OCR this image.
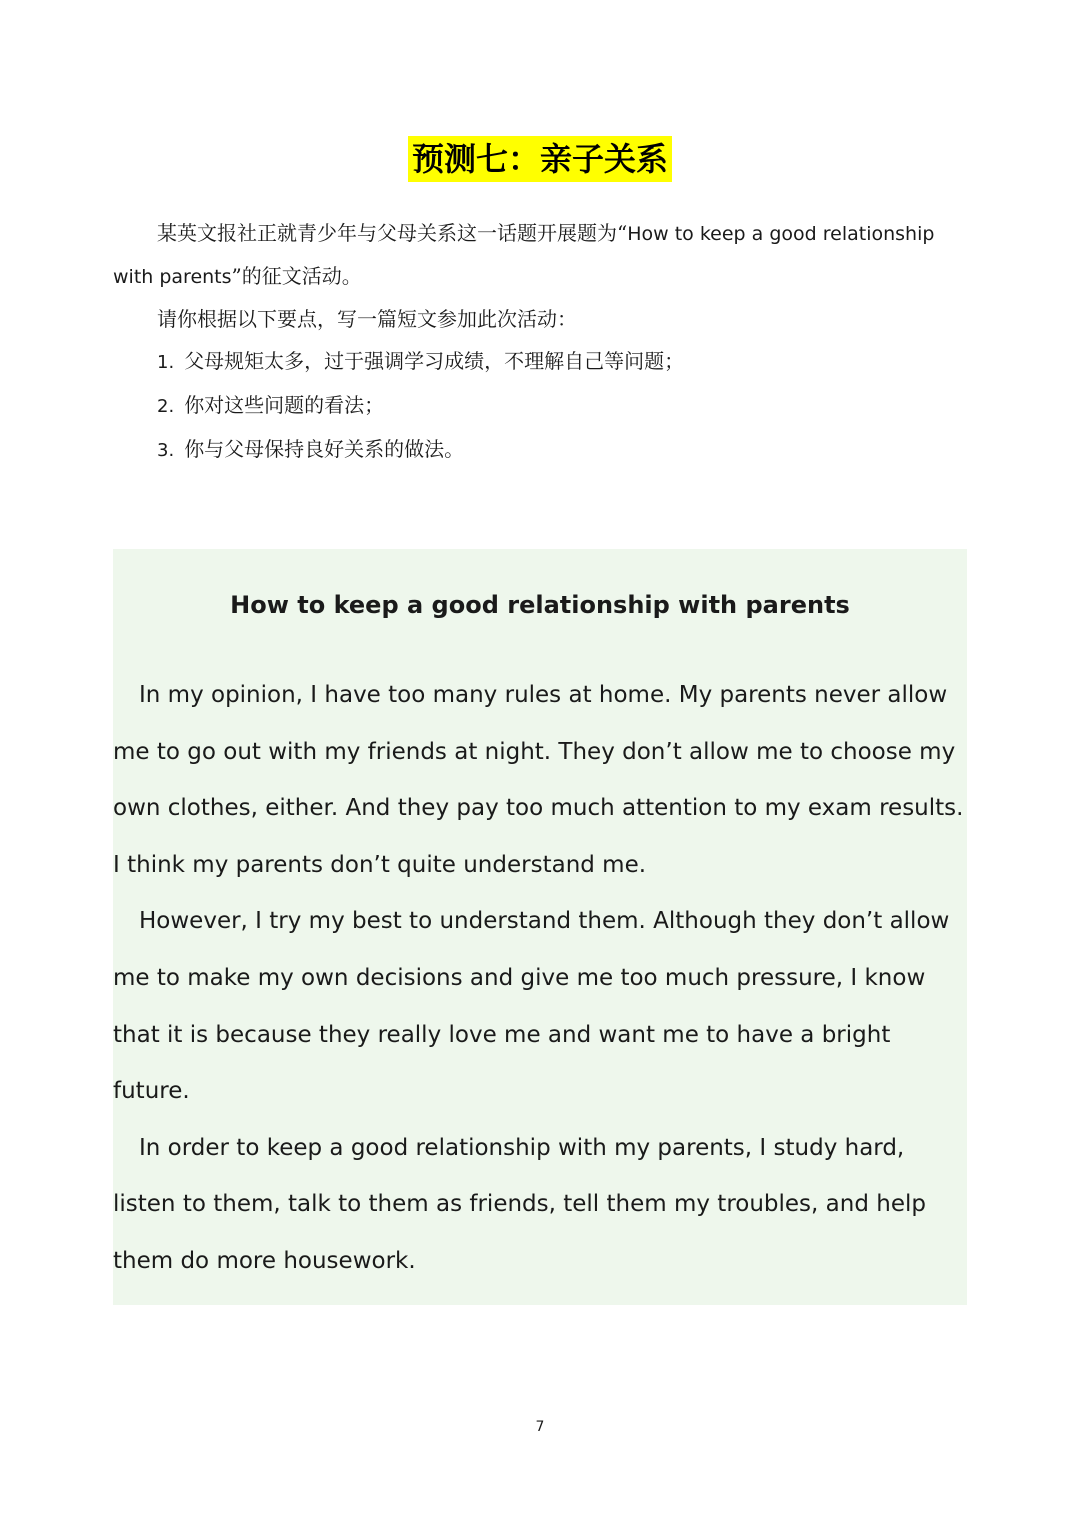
预测七：亲子关系

某英文报社正就青少年与父母关系这一话题开展题为“How to keep a good relationship with parents”的征文活动。

请你根据以下要点，写一篇短文参加此次活动：

1. 父母规矩太多，过于强调学习成绩，不理解自己等问题；

2. 你对这些问题的看法；

3. 你与父母保持良好关系的做法。

How to keep a good relationship with parents

In my opinion, I have too many rules at home. My parents never allow me to go out with my friends at night. They don’t allow me to choose my own clothes, either. And they pay too much attention to my exam results. I think my parents don’t quite understand me.

However, I try my best to understand them. Although they don’t allow me to make my own decisions and give me too much pressure, I know that it is because they really love me and want me to have a bright future.

In order to keep a good relationship with my parents, I study hard, listen to them, talk to them as friends, tell them my troubles, and help them do more housework.

7
